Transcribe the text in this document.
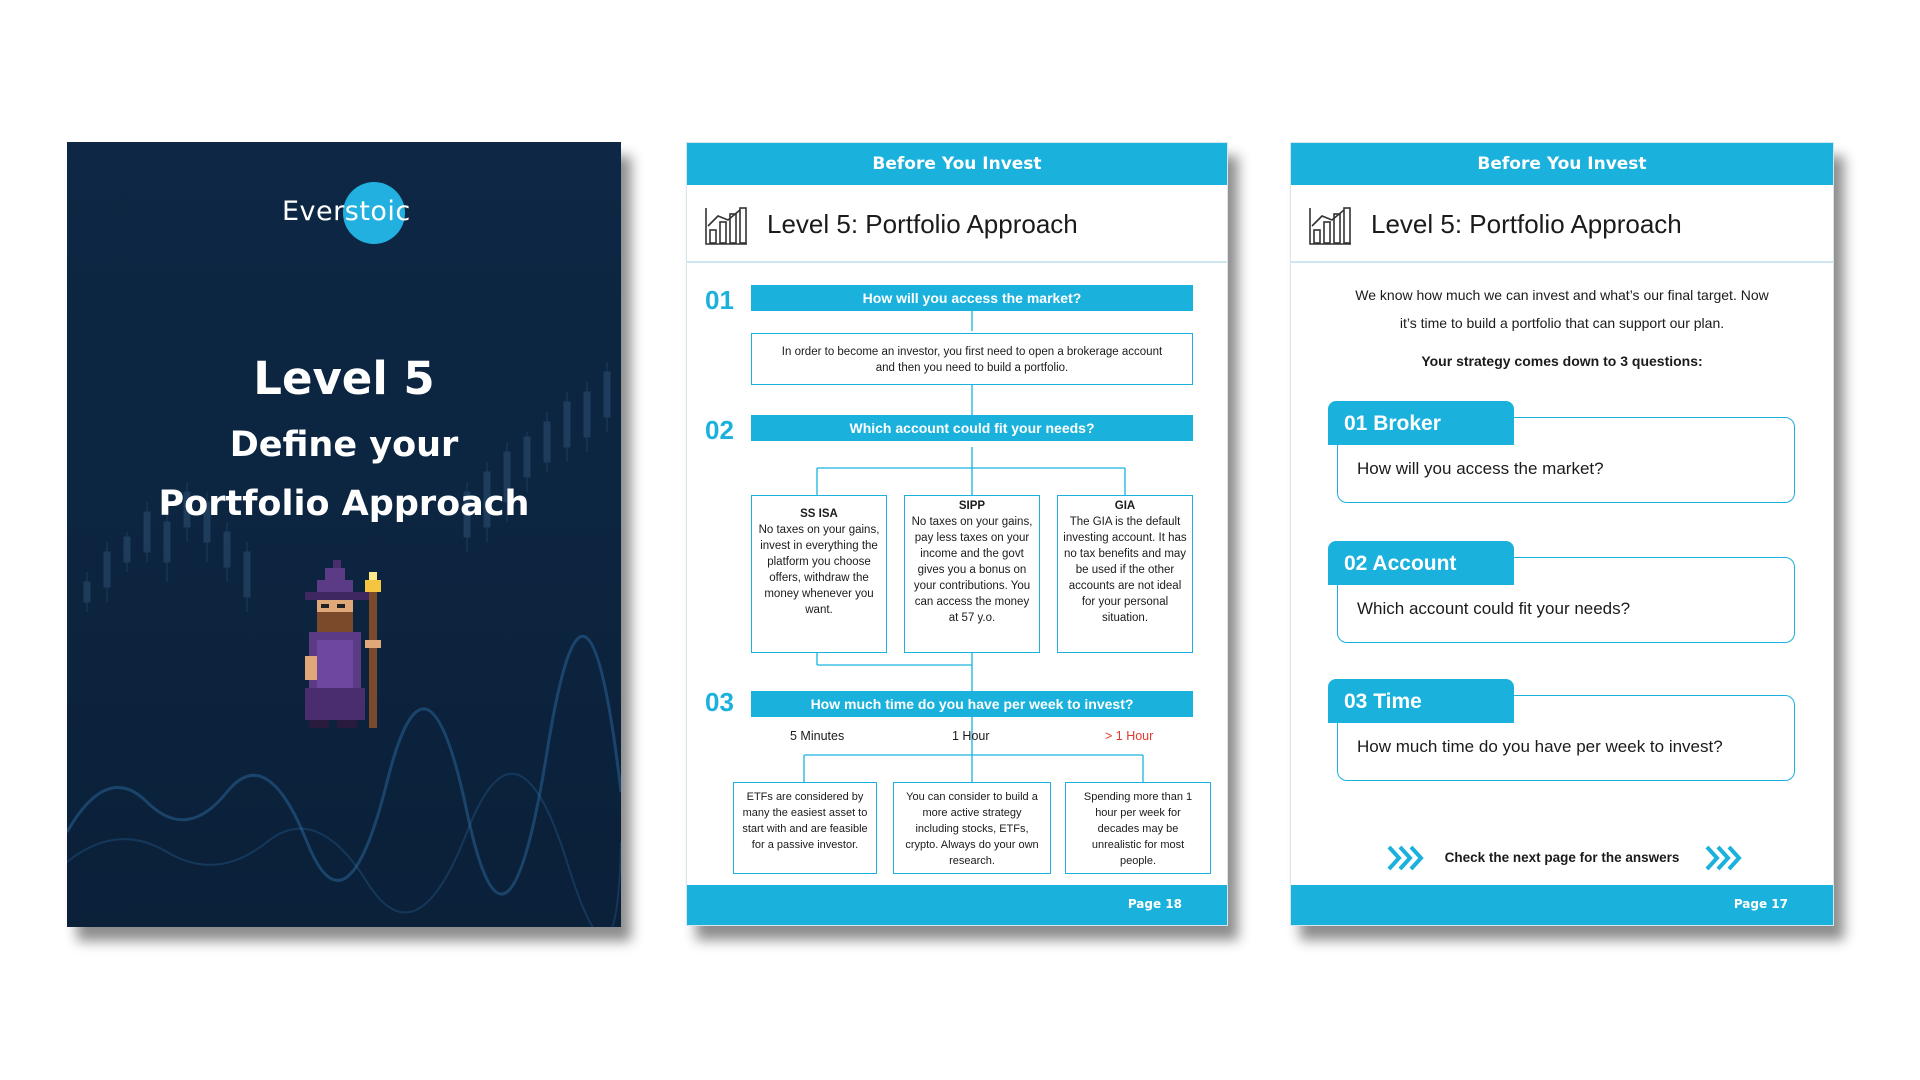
Everstoic
Level 5
Define your
Portfolio Approach
Before You Invest
Level 5: Portfolio Approach
01	How will you access the market?
In order to become an investor, you first need to open a brokerage account and then you need to build a portfolio.
02	Which account could fit your needs?
SS ISA
No taxes on your gains, invest in everything the platform you choose offers, withdraw the money whenever you want.
SIPP
No taxes on your gains, pay less taxes on your income and the govt gives you a bonus on your contributions. You can access the money at 57 y.o.
GIA
The GIA is the default investing account. It has no tax benefits and may be used if the other accounts are not ideal for your personal situation.
03	How much time do you have per week to invest?
5 Minutes	1 Hour	> 1 Hour
ETFs are considered by many the easiest asset to start with and are feasible for a passive investor.
You can consider to build a more active strategy including stocks, ETFs, crypto. Always do your own research.
Spending more than 1 hour per week for decades may be unrealistic for most people.
Page 18
Before You Invest
Level 5: Portfolio Approach
We know how much we can invest and what’s our final target. Now
it’s time to build a portfolio that can support our plan.
Your strategy comes down to 3 questions:
01 Broker
How will you access the market?
02 Account
Which account could fit your needs?
03 Time
How much time do you have per week to invest?
Check the next page for the answers
Page 17
